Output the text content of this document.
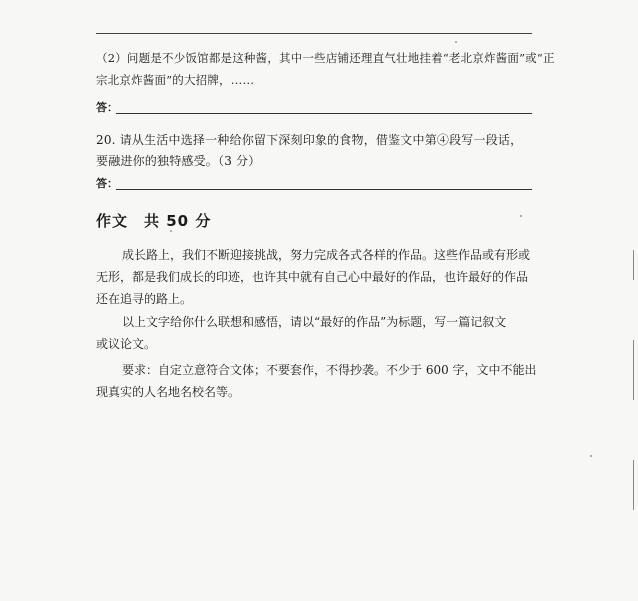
（2）问题是不少饭馆都是这种酱，其中一些店铺还理直气壮地挂着“老北京炸酱面”或“正
宗北京炸酱面”的大招牌，……
答：
20. 请从生活中选择一种给你留下深刻印象的食物，借鉴文中第④段写一段话，
要融进你的独特感受。（3 分）
答：
作文　共 50 分
成长路上，我们不断迎接挑战，努力完成各式各样的作品。这些作品或有形或
无形，都是我们成长的印迹，也许其中就有自己心中最好的作品，也许最好的作品
还在追寻的路上。
以上文字给你什么联想和感悟，请以“最好的作品”为标题，写一篇记叙文
或议论文。
要求：自定立意符合文体；不要套作，不得抄袭。不少于 600 字，文中不能出
现真实的人名地名校名等。
